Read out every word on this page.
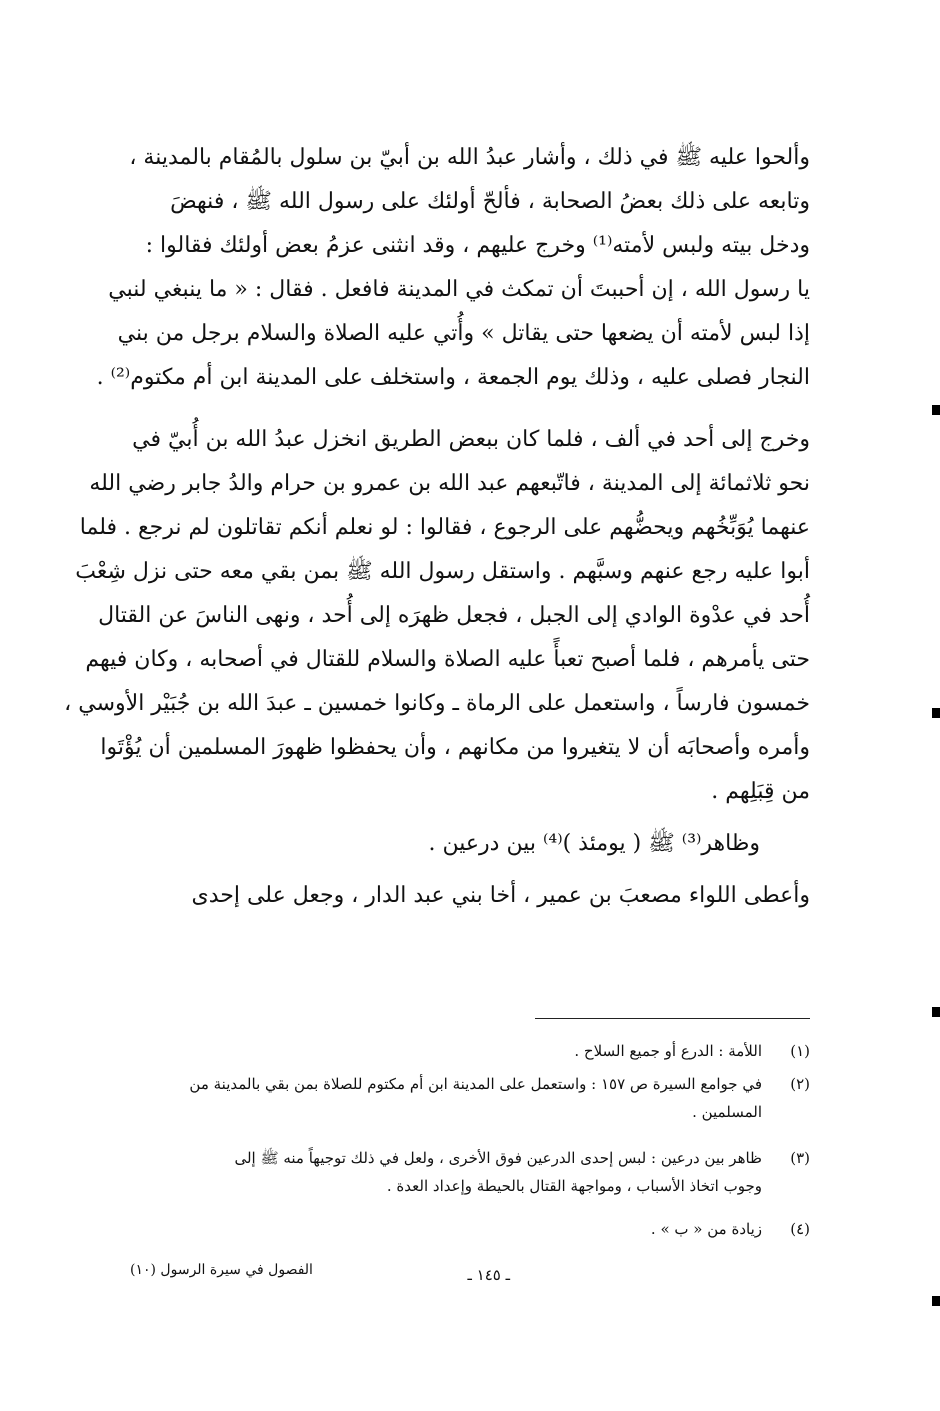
وألحوا عليه ﷺ في ذلك ، وأشار عبدُ الله بن أبيّ بن سلول بالمُقام بالمدينة ،
وتابعه على ذلك بعضُ الصحابة ، فألحّ أولئك على رسول الله ﷺ ، فنهضَ
ودخل بيته ولبس لأمته⁽¹⁾ وخرج عليهم ، وقد انثنى عزمُ بعض أولئك فقالوا :
يا رسول الله ، إن أحببتَ أن تمكث في المدينة فافعل . فقال : « ما ينبغي لنبي
إذا لبس لأمته أن يضعها حتى يقاتل » وأُتي عليه الصلاة والسلام برجل من بني
النجار فصلى عليه ، وذلك يوم الجمعة ، واستخلف على المدينة ابن أم مكتوم⁽²⁾ .
وخرج إلى أحد في ألف ، فلما كان ببعض الطريق انخزل عبدُ الله بن أُبيّ في
نحو ثلاثمائة إلى المدينة ، فاتّبعهم عبد الله بن عمرو بن حرام والدُ جابر رضي الله
عنهما يُوَبِّخُهم ويحضُّهم على الرجوع ، فقالوا : لو نعلم أنكم تقاتلون لم نرجع . فلما
أبوا عليه رجع عنهم وسبَّهم . واستقل رسول الله ﷺ بمن بقي معه حتى نزل شِعْبَ
أُحد في عدْوة الوادي إلى الجبل ، فجعل ظهرَه إلى أُحد ، ونهى الناسَ عن القتال
حتى يأمرهم ، فلما أصبح تعبأً عليه الصلاة والسلام للقتال في أصحابه ، وكان فيهم
خمسون فارساً ، واستعمل على الرماة ـ وكانوا خمسين ـ عبدَ الله بن جُبَيْر الأوسي ،
وأمره وأصحابَه أن لا يتغيروا من مكانهم ، وأن يحفظوا ظهورَ المسلمين أن يُؤْتَوا
من قِبَلِهم .
وظاهر⁽³⁾ ﷺ ( يومئذ )⁽⁴⁾ بين درعين .
وأعطى اللواء مصعبَ بن عمير ، أخا بني عبد الدار ، وجعل على إحدى
(١)
اللأمة : الدرع أو جميع السلاح .
(٢)
في جوامع السيرة ص ١٥٧ : واستعمل على المدينة ابن أم مكتوم للصلاة بمن بقي بالمدينة من
المسلمين .
(٣)
ظاهر بين درعين : لبس إحدى الدرعين فوق الأخرى ، ولعل في ذلك توجيهاً منه ﷺ إلى
وجوب اتخاذ الأسباب ، ومواجهة القتال بالحيطة وإعداد العدة .
(٤)
زيادة من « ب » .
ـ ١٤٥ ـ
الفصول في سيرة الرسول (١٠)
